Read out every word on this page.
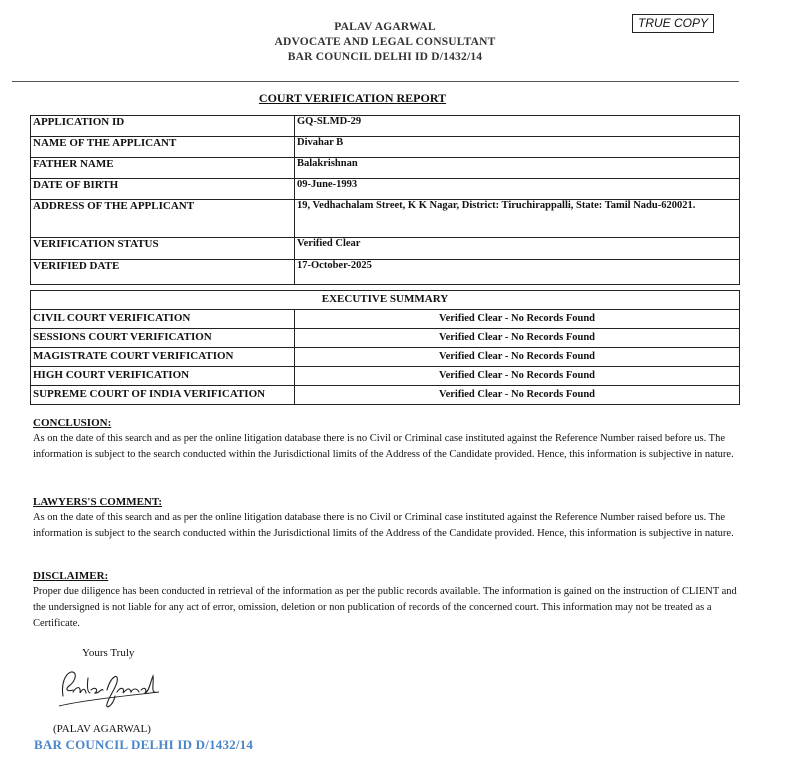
PALAV AGARWAL
ADVOCATE AND LEGAL CONSULTANT
BAR COUNCIL DELHI ID D/1432/14
TRUE COPY
COURT VERIFICATION REPORT
APPLICATION ID	GQ-SLMD-29
NAME OF THE APPLICANT	Divahar B
FATHER NAME	Balakrishnan
DATE OF BIRTH	09-June-1993
ADDRESS OF THE APPLICANT	19, Vedhachalam Street, K K Nagar, District: Tiruchirappalli, State: Tamil Nadu-620021.
VERIFICATION STATUS	Verified Clear
VERIFIED DATE	17-October-2025
EXECUTIVE SUMMARY	
CIVIL COURT VERIFICATION	Verified Clear - No Records Found
SESSIONS COURT VERIFICATION	Verified Clear - No Records Found
MAGISTRATE COURT VERIFICATION	Verified Clear - No Records Found
HIGH COURT VERIFICATION	Verified Clear - No Records Found
SUPREME COURT OF INDIA VERIFICATION	Verified Clear - No Records Found
CONCLUSION:
As on the date of this search and as per the online litigation database there is no Civil or Criminal case instituted against the Reference Number raised before us. The information is subject to the search conducted within the Jurisdictional limits of the Address of the Candidate provided. Hence, this information is subjective in nature.
LAWYERS'S COMMENT:
As on the date of this search and as per the online litigation database there is no Civil or Criminal case instituted against the Reference Number raised before us. The information is subject to the search conducted within the Jurisdictional limits of the Address of the Candidate provided. Hence, this information is subjective in nature.
DISCLAIMER:
Proper due diligence has been conducted in retrieval of the information as per the public records available. The information is gained on the instruction of CLIENT and the undersigned is not liable for any act of error, omission, deletion or non publication of records of the concerned court. This information may not be treated as a Certificate.
Yours Truly
(PALAV AGARWAL)
BAR COUNCIL DELHI ID D/1432/14
